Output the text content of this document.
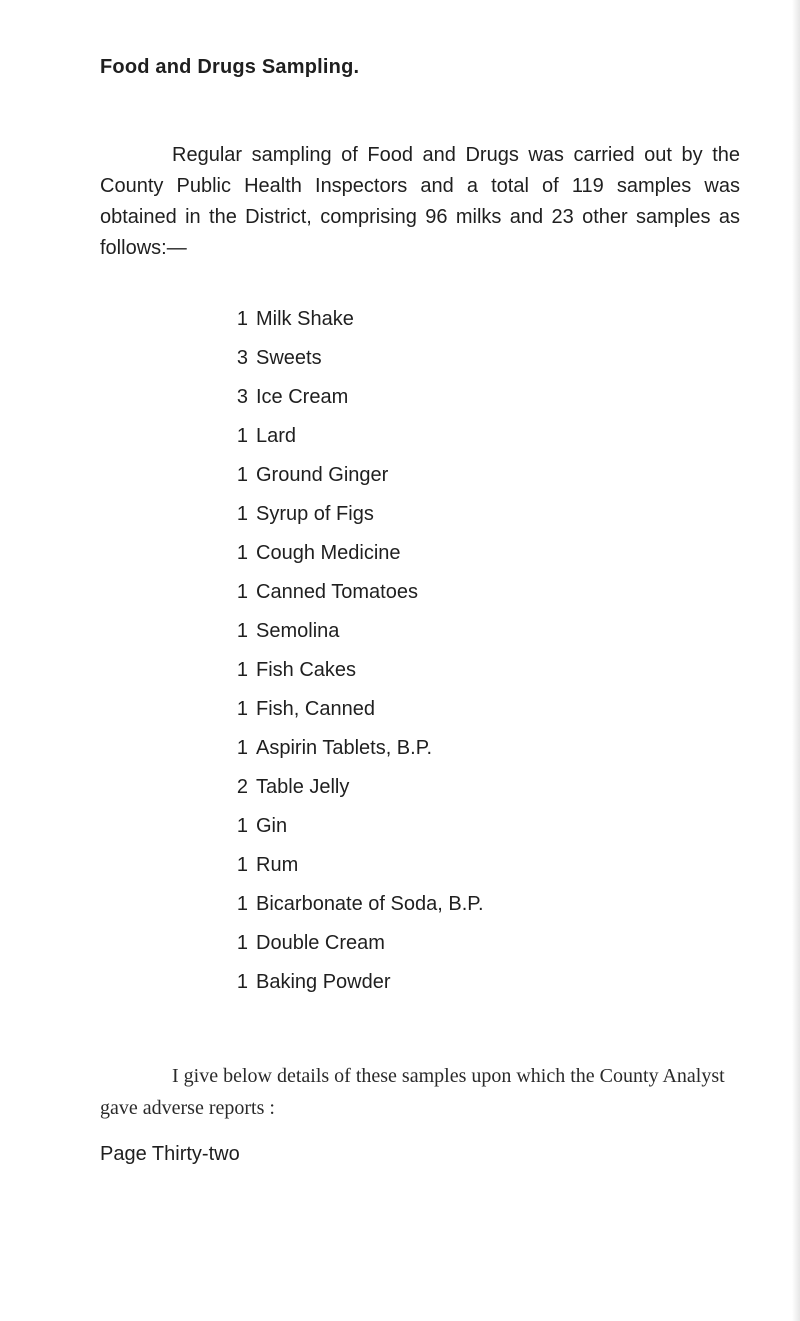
Food and Drugs Sampling.

Regular sampling of Food and Drugs was carried out by the County Public Health Inspectors and a total of 119 samples was obtained in the District, comprising 96 milks and 23 other samples as follows:—

1 Milk Shake
3 Sweets
3 Ice Cream
1 Lard
1 Ground Ginger
1 Syrup of Figs
1 Cough Medicine
1 Canned Tomatoes
1 Semolina
1 Fish Cakes
1 Fish, Canned
1 Aspirin Tablets, B.P.
2 Table Jelly
1 Gin
1 Rum
1 Bicarbonate of Soda, B.P.
1 Double Cream
1 Baking Powder

I give below details of these samples upon which the County Analyst gave adverse reports :

Page Thirty-two
